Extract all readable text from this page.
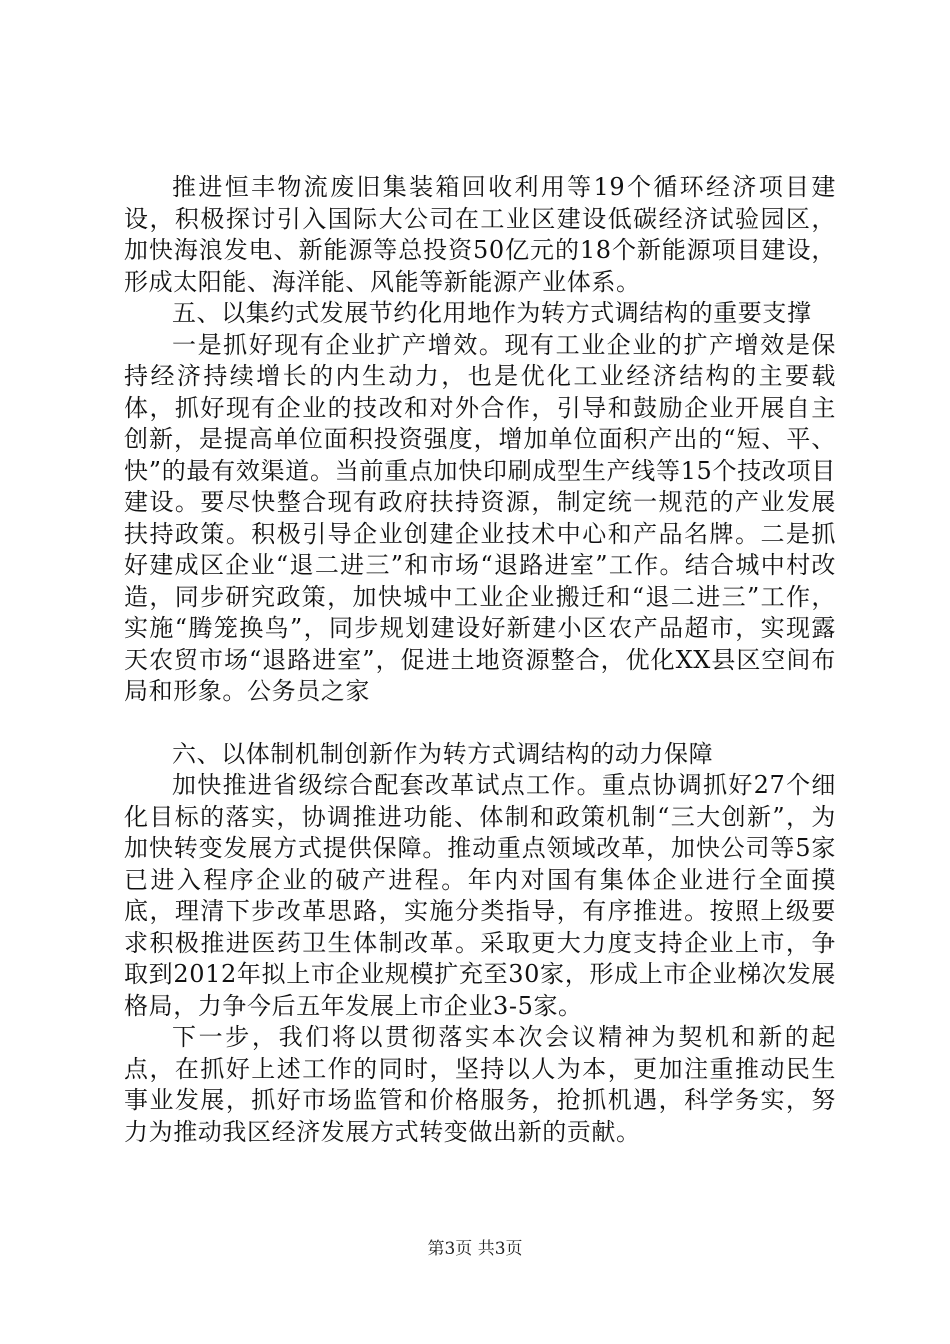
推进恒丰物流废旧集装箱回收利用等19个循环经济项目建设，积极探讨引入国际大公司在工业区建设低碳经济试验园区，加快海浪发电、新能源等总投资50亿元的18个新能源项目建设，形成太阳能、海洋能、风能等新能源产业体系。

五、以集约式发展节约化用地作为转方式调结构的重要支撑

一是抓好现有企业扩产增效。现有工业企业的扩产增效是保持经济持续增长的内生动力，也是优化工业经济结构的主要载体，抓好现有企业的技改和对外合作，引导和鼓励企业开展自主创新，是提高单位面积投资强度，增加单位面积产出的“短、平、快”的最有效渠道。当前重点加快印刷成型生产线等15个技改项目建设。要尽快整合现有政府扶持资源，制定统一规范的产业发展扶持政策。积极引导企业创建企业技术中心和产品名牌。二是抓好建成区企业“退二进三”和市场“退路进室”工作。结合城中村改造，同步研究政策，加快城中工业企业搬迁和“退二进三”工作，实施“腾笼换鸟”，同步规划建设好新建小区农产品超市，实现露天农贸市场“退路进室”，促进土地资源整合，优化XX县区空间布局和形象。公务员之家

六、以体制机制创新作为转方式调结构的动力保障

加快推进省级综合配套改革试点工作。重点协调抓好27个细化目标的落实，协调推进功能、体制和政策机制“三大创新”，为加快转变发展方式提供保障。推动重点领域改革，加快公司等5家已进入程序企业的破产进程。年内对国有集体企业进行全面摸底，理清下步改革思路，实施分类指导，有序推进。按照上级要求积极推进医药卫生体制改革。采取更大力度支持企业上市，争取到2012年拟上市企业规模扩充至30家，形成上市企业梯次发展格局，力争今后五年发展上市企业3-5家。

下一步，我们将以贯彻落实本次会议精神为契机和新的起点，在抓好上述工作的同时，坚持以人为本，更加注重推动民生事业发展，抓好市场监管和价格服务，抢抓机遇，科学务实，努力为推动我区经济发展方式转变做出新的贡献。

第3页 共3页
